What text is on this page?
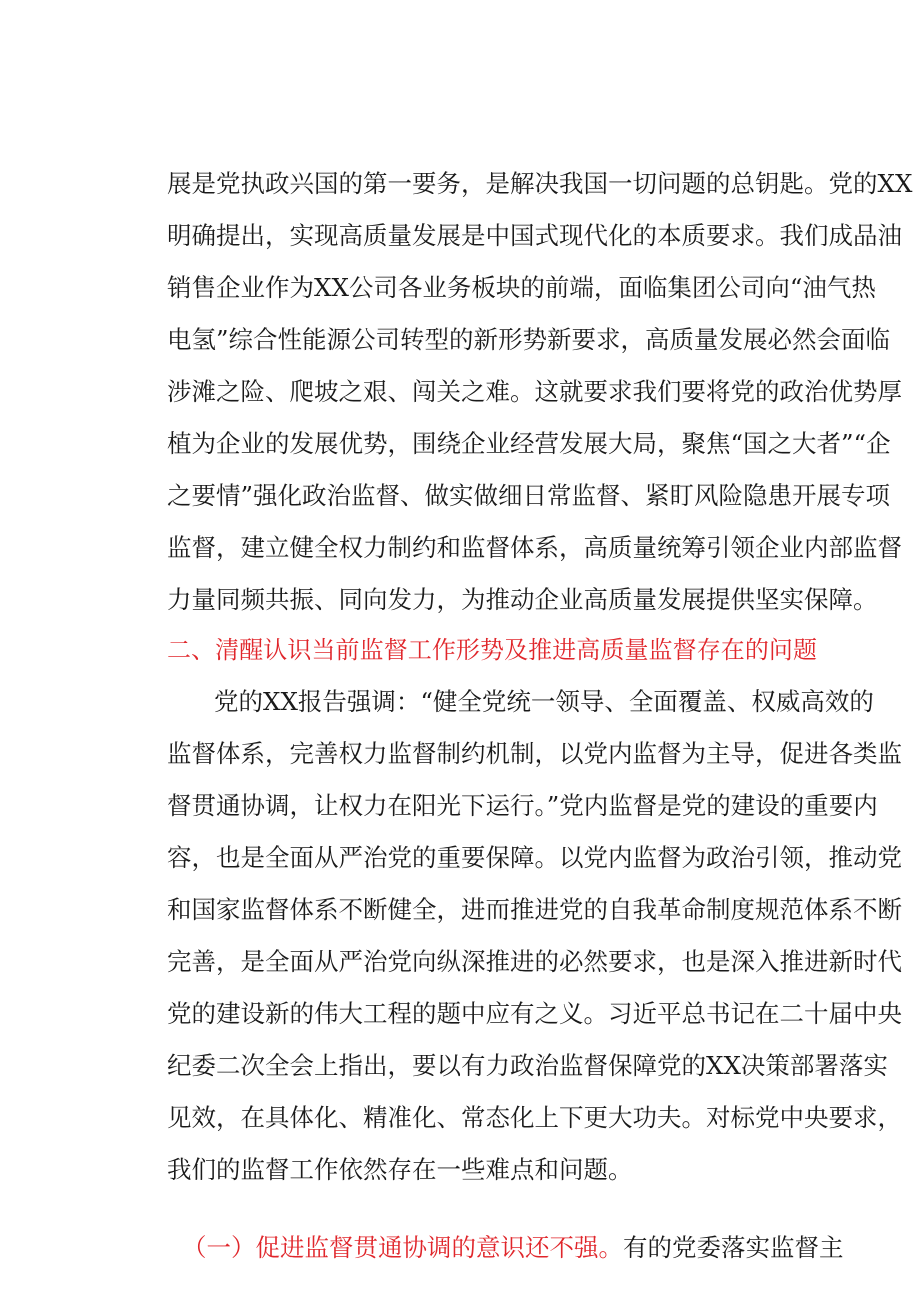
展是党执政兴国的第一要务，是解决我国一切问题的总钥匙。党的XX
明确提出，实现高质量发展是中国式现代化的本质要求。我们成品油
销售企业作为XX公司各业务板块的前端，面临集团公司向“油气热
电氢”综合性能源公司转型的新形势新要求，高质量发展必然会面临
涉滩之险、爬坡之艰、闯关之难。这就要求我们要将党的政治优势厚
植为企业的发展优势，围绕企业经营发展大局，聚焦“国之大者”“企
之要情”强化政治监督、做实做细日常监督、紧盯风险隐患开展专项
监督，建立健全权力制约和监督体系，高质量统筹引领企业内部监督
力量同频共振、同向发力，为推动企业高质量发展提供坚实保障。
二、清醒认识当前监督工作形势及推进高质量监督存在的问题
党的XX报告强调：“健全党统一领导、全面覆盖、权威高效的
监督体系，完善权力监督制约机制，以党内监督为主导，促进各类监
督贯通协调，让权力在阳光下运行。”党内监督是党的建设的重要内
容，也是全面从严治党的重要保障。以党内监督为政治引领，推动党
和国家监督体系不断健全，进而推进党的自我革命制度规范体系不断
完善，是全面从严治党向纵深推进的必然要求，也是深入推进新时代
党的建设新的伟大工程的题中应有之义。习近平总书记在二十届中央
纪委二次全会上指出，要以有力政治监督保障党的XX决策部署落实
见效，在具体化、精准化、常态化上下更大功夫。对标党中央要求，
我们的监督工作依然存在一些难点和问题。
（一）促进监督贯通协调的意识还不强。有的党委落实监督主
